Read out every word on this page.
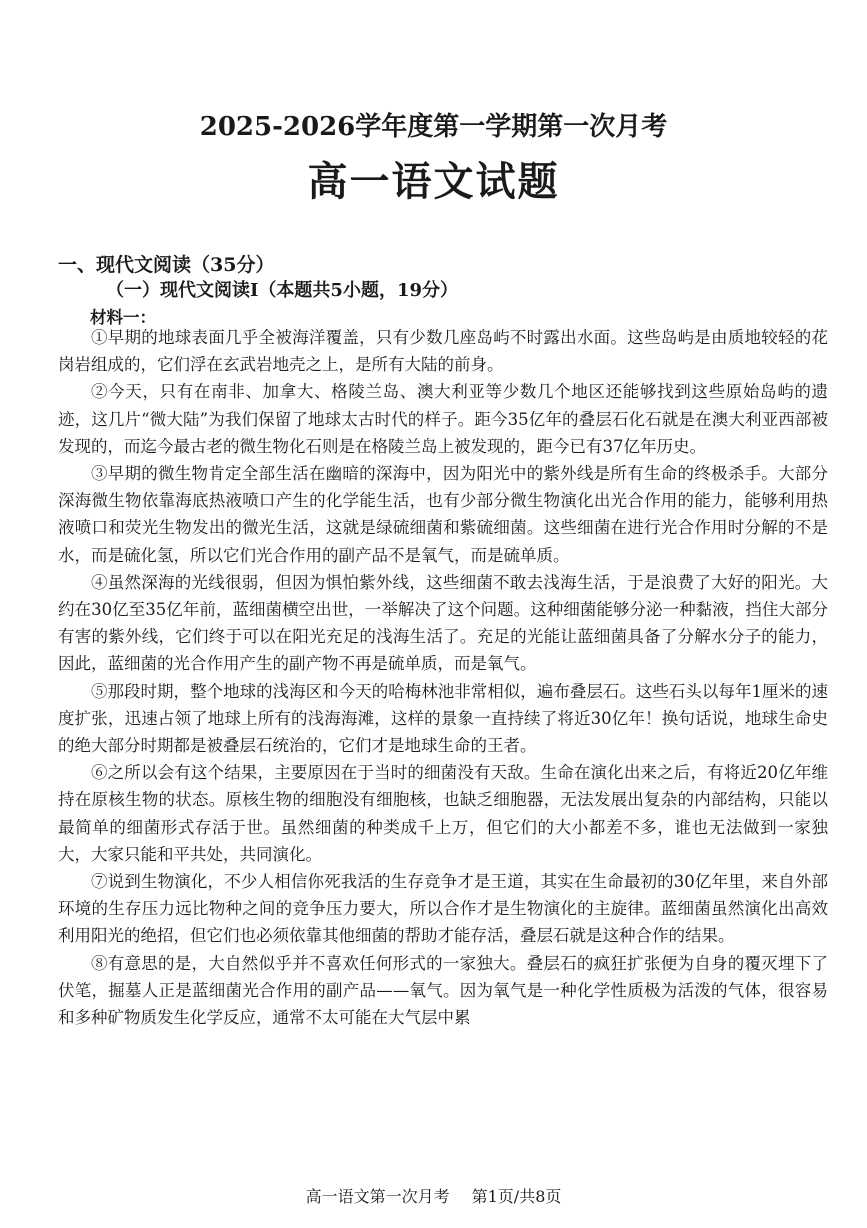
2025-2026学年度第一学期第一次月考
高一语文试题
一、现代文阅读（35分）
（一）现代文阅读Ⅰ（本题共5小题，19分）
材料一：

①早期的地球表面几乎全被海洋覆盖，只有少数几座岛屿不时露出水面。这些岛屿是由质地较轻的花岗岩组成的，它们浮在玄武岩地壳之上，是所有大陆的前身。

②今天，只有在南非、加拿大、格陵兰岛、澳大利亚等少数几个地区还能够找到这些原始岛屿的遗迹，这几片“微大陆”为我们保留了地球太古时代的样子。距今35亿年的叠层石化石就是在澳大利亚西部被发现的，而迄今最古老的微生物化石则是在格陵兰岛上被发现的，距今已有37亿年历史。

③早期的微生物肯定全部生活在幽暗的深海中，因为阳光中的紫外线是所有生命的终极杀手。大部分深海微生物依靠海底热液喷口产生的化学能生活，也有少部分微生物演化出光合作用的能力，能够利用热液喷口和荧光生物发出的微光生活，这就是绿硫细菌和紫硫细菌。这些细菌在进行光合作用时分解的不是水，而是硫化氢，所以它们光合作用的副产品不是氧气，而是硫单质。

④虽然深海的光线很弱，但因为惧怕紫外线，这些细菌不敢去浅海生活，于是浪费了大好的阳光。大约在30亿至35亿年前，蓝细菌横空出世，一举解决了这个问题。这种细菌能够分泌一种黏液，挡住大部分有害的紫外线，它们终于可以在阳光充足的浅海生活了。充足的光能让蓝细菌具备了分解水分子的能力，因此，蓝细菌的光合作用产生的副产物不再是硫单质，而是氧气。

⑤那段时期，整个地球的浅海区和今天的哈梅林池非常相似，遍布叠层石。这些石头以每年1厘米的速度扩张，迅速占领了地球上所有的浅海海滩，这样的景象一直持续了将近30亿年！换句话说，地球生命史的绝大部分时期都是被叠层石统治的，它们才是地球生命的王者。

⑥之所以会有这个结果，主要原因在于当时的细菌没有天敌。生命在演化出来之后，有将近20亿年维持在原核生物的状态。原核生物的细胞没有细胞核，也缺乏细胞器，无法发展出复杂的内部结构，只能以最简单的细菌形式存活于世。虽然细菌的种类成千上万，但它们的大小都差不多，谁也无法做到一家独大，大家只能和平共处，共同演化。

⑦说到生物演化，不少人相信你死我活的生存竞争才是王道，其实在生命最初的30亿年里，来自外部环境的生存压力远比物种之间的竞争压力要大，所以合作才是生物演化的主旋律。蓝细菌虽然演化出高效利用阳光的绝招，但它们也必须依靠其他细菌的帮助才能存活，叠层石就是这种合作的结果。

⑧有意思的是，大自然似乎并不喜欢任何形式的一家独大。叠层石的疯狂扩张便为自身的覆灭埋下了伏笔，掘墓人正是蓝细菌光合作用的副产品——氧气。因为氧气是一种化学性质极为活泼的气体，很容易和多种矿物质发生化学反应，通常不太可能在大气层中累

高一语文第一次月考 第1页/共8页
